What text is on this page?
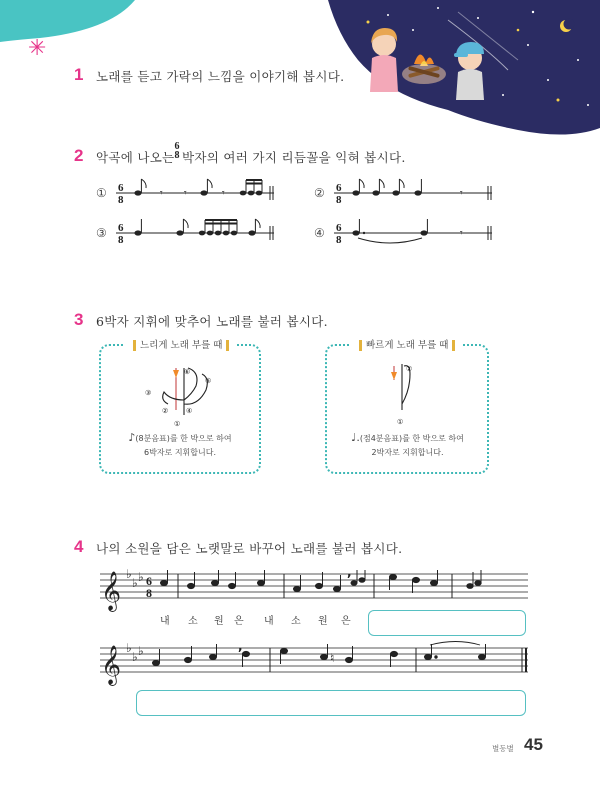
✳
1 노래를 듣고 가락의 느낌을 이야기해 봅시다.
2 악곡에 나오는
6
8 박자의 여러 가지 리듬꼴을 익혀 봅시다.
①	②
③	④
6
8
𝄾 𝄾	𝄾	6
8
𝄾
6
8
6
8
𝄾
3 6박자 지휘에 맞추어 노래를 불러 봅시다.
느리게 노래 부를 때
③
②	④
⑤
⑥
①
♪(8분음표)를 한 박으로 하여
6박자로 지휘합니다.
빠르게 노래 부를 때
②
①
♩.(점4분음표)를 한 박으로 하여
2박자로 지휘합니다.
4 나의 소원을 담은 노랫말로 바꾸어 노래를 불러 봅시다.
𝄞 ♭
♭ ♭ 6
8
,
내 소 원 은 내 소 원 은
𝄞 ♭
♭ ♭	♮
,
별동별 45
